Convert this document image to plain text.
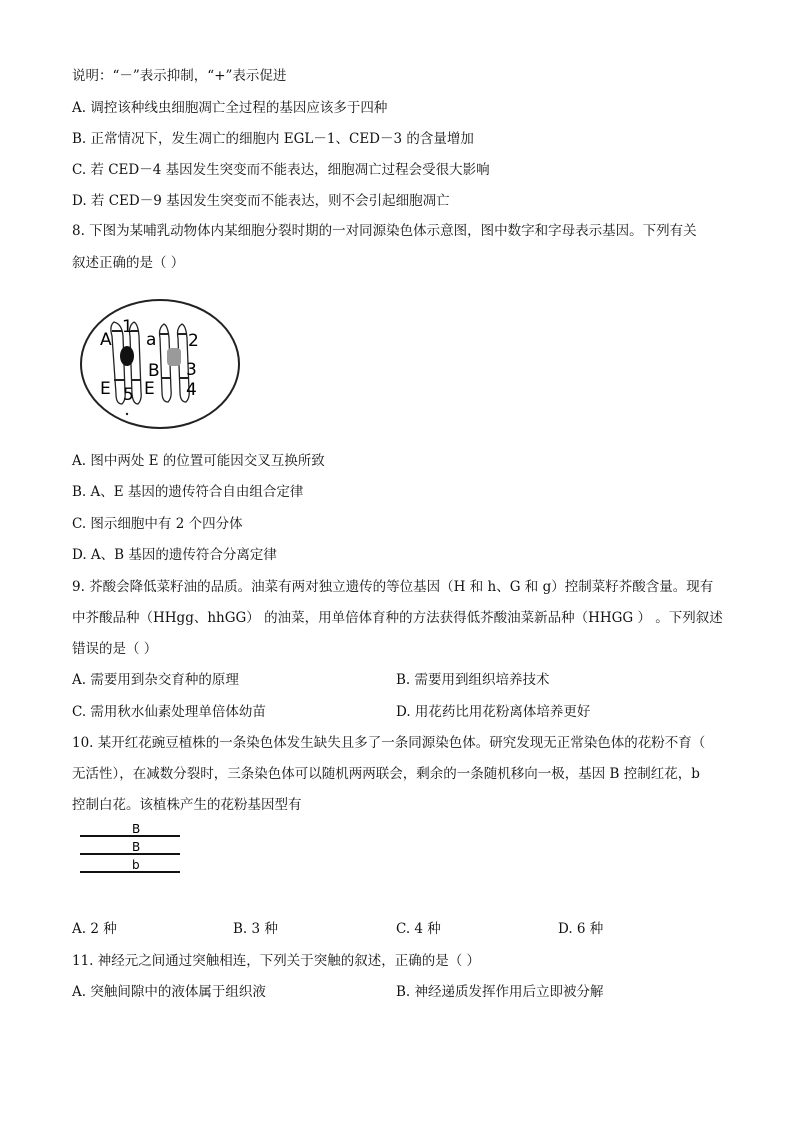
说明：“－”表示抑制，“+”表示促进
A. 调控该种线虫细胞凋亡全过程的基因应该多于四种
B. 正常情况下，发生凋亡的细胞内 EGL－1、CED－3 的含量增加
C. 若 CED－4 基因发生突变而不能表达，细胞凋亡过程会受很大影响
D. 若 CED－9 基因发生突变而不能表达，则不会引起细胞凋亡
8. 下图为某哺乳动物体内某细胞分裂时期的一对同源染色体示意图，图中数字和字母表示基因。下列有关
叙述正确的是（ ）
A
1
a 2
B 3
E 5 E 4
A. 图中两处 E 的位置可能因交叉互换所致
B. A、E 基因的遗传符合自由组合定律
C. 图示细胞中有 2 个四分体
D. A、B 基因的遗传符合分离定律
9. 芥酸会降低菜籽油的品质。油菜有两对独立遗传的等位基因（H 和 h、G 和 g）控制菜籽芥酸含量。现有
中芥酸品种（HHgg、hhGG） 的油菜，用单倍体育种的方法获得低芥酸油菜新品种（HHGG ） 。下列叙述
错误的是（ ）
A. 需要用到杂交育种的原理	B. 需要用到组织培养技术
C. 需用秋水仙素处理单倍体幼苗	D. 用花药比用花粉离体培养更好
10. 某开红花豌豆植株的一条染色体发生缺失且多了一条同源染色体。研究发现无正常染色体的花粉不育（
无活性），在减数分裂时，三条染色体可以随机两两联会，剩余的一条随机移向一极，基因 B 控制红花，b
控制白花。该植株产生的花粉基因型有
B
B
b
A. 2 种	B. 3 种	C. 4 种	D. 6 种
11. 神经元之间通过突触相连，下列关于突触的叙述，正确的是（ ）
A. 突触间隙中的液体属于组织液	B. 神经递质发挥作用后立即被分解
